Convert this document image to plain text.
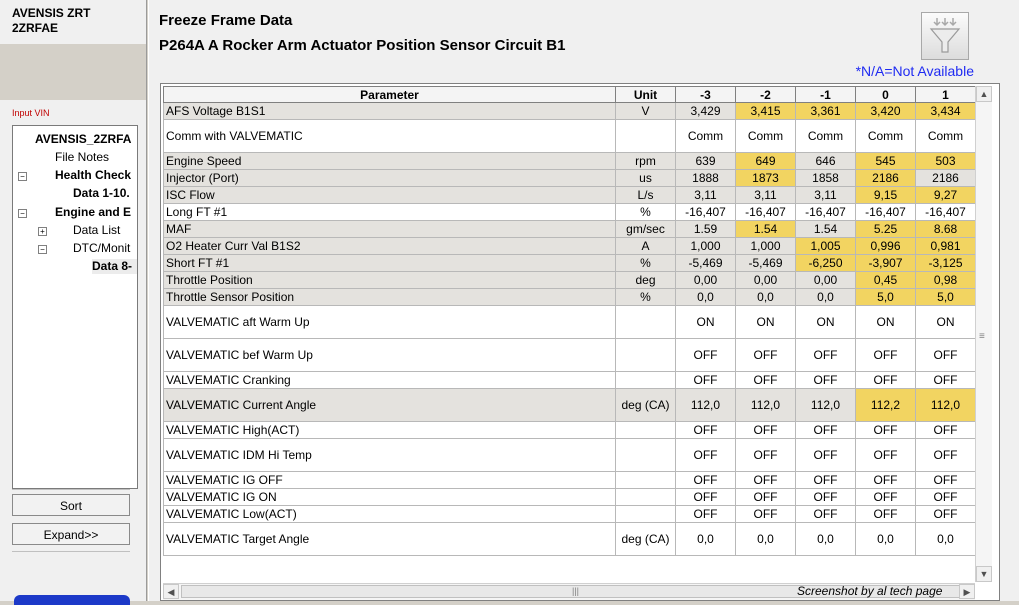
AVENSIS ZRT
2ZRFAE
Input VIN
AVENSIS_2ZRFA
File Notes
−	Health Check
Data 1-10.
−	Engine and E
+ Data List
− DTC/Monit
Data 8-
Sort
Expand>>
Freeze Frame Data
P264A A Rocker Arm Actuator Position Sensor Circuit B1
*N/A=Not Available
Parameter	Unit	-3	-2	-1	0	1
AFS Voltage B1S1	V	3,429	3,415	3,361	3,420	3,434
Comm with VALVEMATIC		Comm	Comm	Comm	Comm	Comm
Engine Speed	rpm	639	649	646	545	503
Injector (Port)	us	1888	1873	1858	2186	2186
ISC Flow	L/s	3,11	3,11	3,11	9,15	9,27
Long FT #1	%	-16,407	-16,407	-16,407	-16,407	-16,407
MAF	gm/sec	1.59	1.54	1.54	5.25	8.68
O2 Heater Curr Val B1S2	A	1,000	1,000	1,005	0,996	0,981
Short FT #1	%	-5,469	-5,469	-6,250	-3,907	-3,125
Throttle Position	deg	0,00	0,00	0,00	0,45	0,98
Throttle Sensor Position	%	0,0	0,0	0,0	5,0	5,0
VALVEMATIC aft Warm Up		ON	ON	ON	ON	ON
VALVEMATIC bef Warm Up		OFF	OFF	OFF	OFF	OFF
VALVEMATIC Cranking		OFF	OFF	OFF	OFF	OFF
VALVEMATIC Current Angle	deg (CA)	112,0	112,0	112,0	112,2	112,0
VALVEMATIC High(ACT)		OFF	OFF	OFF	OFF	OFF
VALVEMATIC IDM Hi Temp		OFF	OFF	OFF	OFF	OFF
VALVEMATIC IG OFF		OFF	OFF	OFF	OFF	OFF
VALVEMATIC IG ON		OFF	OFF	OFF	OFF	OFF
VALVEMATIC Low(ACT)		OFF	OFF	OFF	OFF	OFF
VALVEMATIC Target Angle	deg (CA)	0,0	0,0	0,0	0,0	0,0
▲
≡
▼
◀	|||	▶
Screenshot by al tech page
